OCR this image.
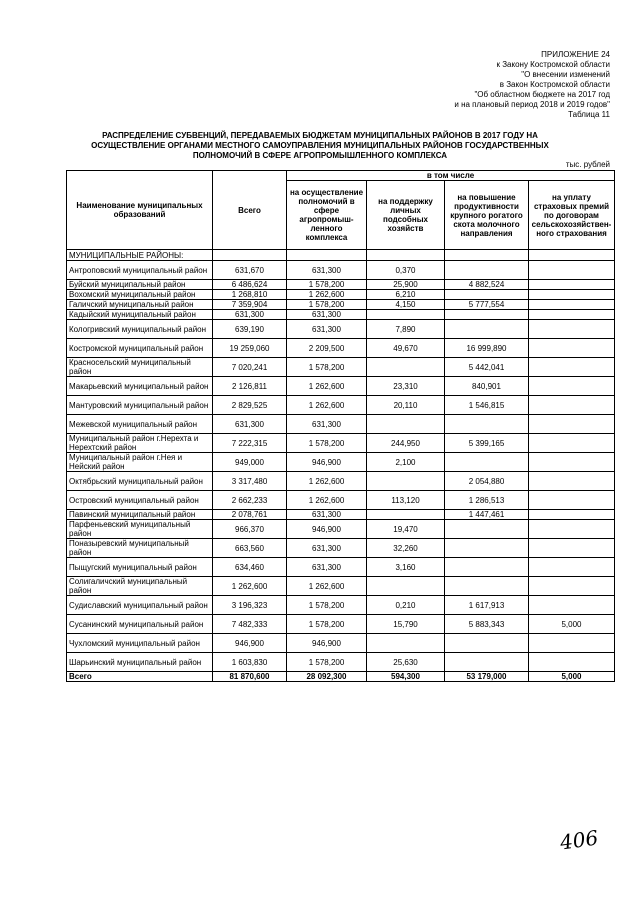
ПРИЛОЖЕНИЕ 24
к Закону Костромской области
"О внесении изменений
в Закон Костромской области
"Об областном бюджете на 2017 год
и на плановый период 2018 и 2019 годов"
Таблица 11
РАСПРЕДЕЛЕНИЕ СУБВЕНЦИЙ, ПЕРЕДАВАЕМЫХ БЮДЖЕТАМ МУНИЦИПАЛЬНЫХ РАЙОНОВ В 2017 ГОДУ НА
ОСУЩЕСТВЛЕНИЕ ОРГАНАМИ МЕСТНОГО САМОУПРАВЛЕНИЯ МУНИЦИПАЛЬНЫХ РАЙОНОВ ГОСУДАРСТВЕННЫХ
ПОЛНОМОЧИЙ В СФЕРЕ АГРОПРОМЫШЛЕННОГО КОМПЛЕКСА
тыс. рублей
Наименование муниципальных образований	Всего	в том числе			
		на осуществление полномочий в сфере агропромыш-ленного комплекса	на поддержку личных подсобных хозяйств	на повышение продуктивности крупного рогатого скота молочного направления	на уплату страховых премий по договорам сельскохозяйствен-ного страхования
МУНИЦИПАЛЬНЫЕ РАЙОНЫ:					
Антроповский муниципальный район	631,670	631,300	0,370		
Буйский муниципальный район	6 486,624	1 578,200	25,900	4 882,524	
Вохомский муниципальный район	1 268,810	1 262,600	6,210		
Галичский муниципальный район	7 359,904	1 578,200	4,150	5 777,554	
Кадыйский муниципальный район	631,300	631,300			
Кологривский муниципальный район	639,190	631,300	7,890		
Костромской муниципальный район	19 259,060	2 209,500	49,670	16 999,890	
Красносельский муниципальный район	7 020,241	1 578,200		5 442,041	
Макарьевский муниципальный район	2 126,811	1 262,600	23,310	840,901	
Мантуровский муниципальный район	2 829,525	1 262,600	20,110	1 546,815	
Межевской муниципальный район	631,300	631,300			
Муниципальный район г.Нерехта и Нерехтский район	7 222,315	1 578,200	244,950	5 399,165	
Муниципальный район г.Нея и Нейский район	949,000	946,900	2,100		
Октябрьский муниципальный район	3 317,480	1 262,600		2 054,880	
Островский муниципальный район	2 662,233	1 262,600	113,120	1 286,513	
Павинский муниципальный район	2 078,761	631,300		1 447,461	
Парфеньевский муниципальный район	966,370	946,900	19,470		
Поназыревский муниципальный район	663,560	631,300	32,260		
Пыщугский муниципальный район	634,460	631,300	3,160		
Солигаличский муниципальный район	1 262,600	1 262,600			
Судиславский муниципальный район	3 196,323	1 578,200	0,210	1 617,913	
Сусанинский муниципальный район	7 482,333	1 578,200	15,790	5 883,343	5,000
Чухломский муниципальный район	946,900	946,900			
Шарьинский муниципальный район	1 603,830	1 578,200	25,630		
Всего	81 870,600	28 092,300	594,300	53 179,000	5,000
406
